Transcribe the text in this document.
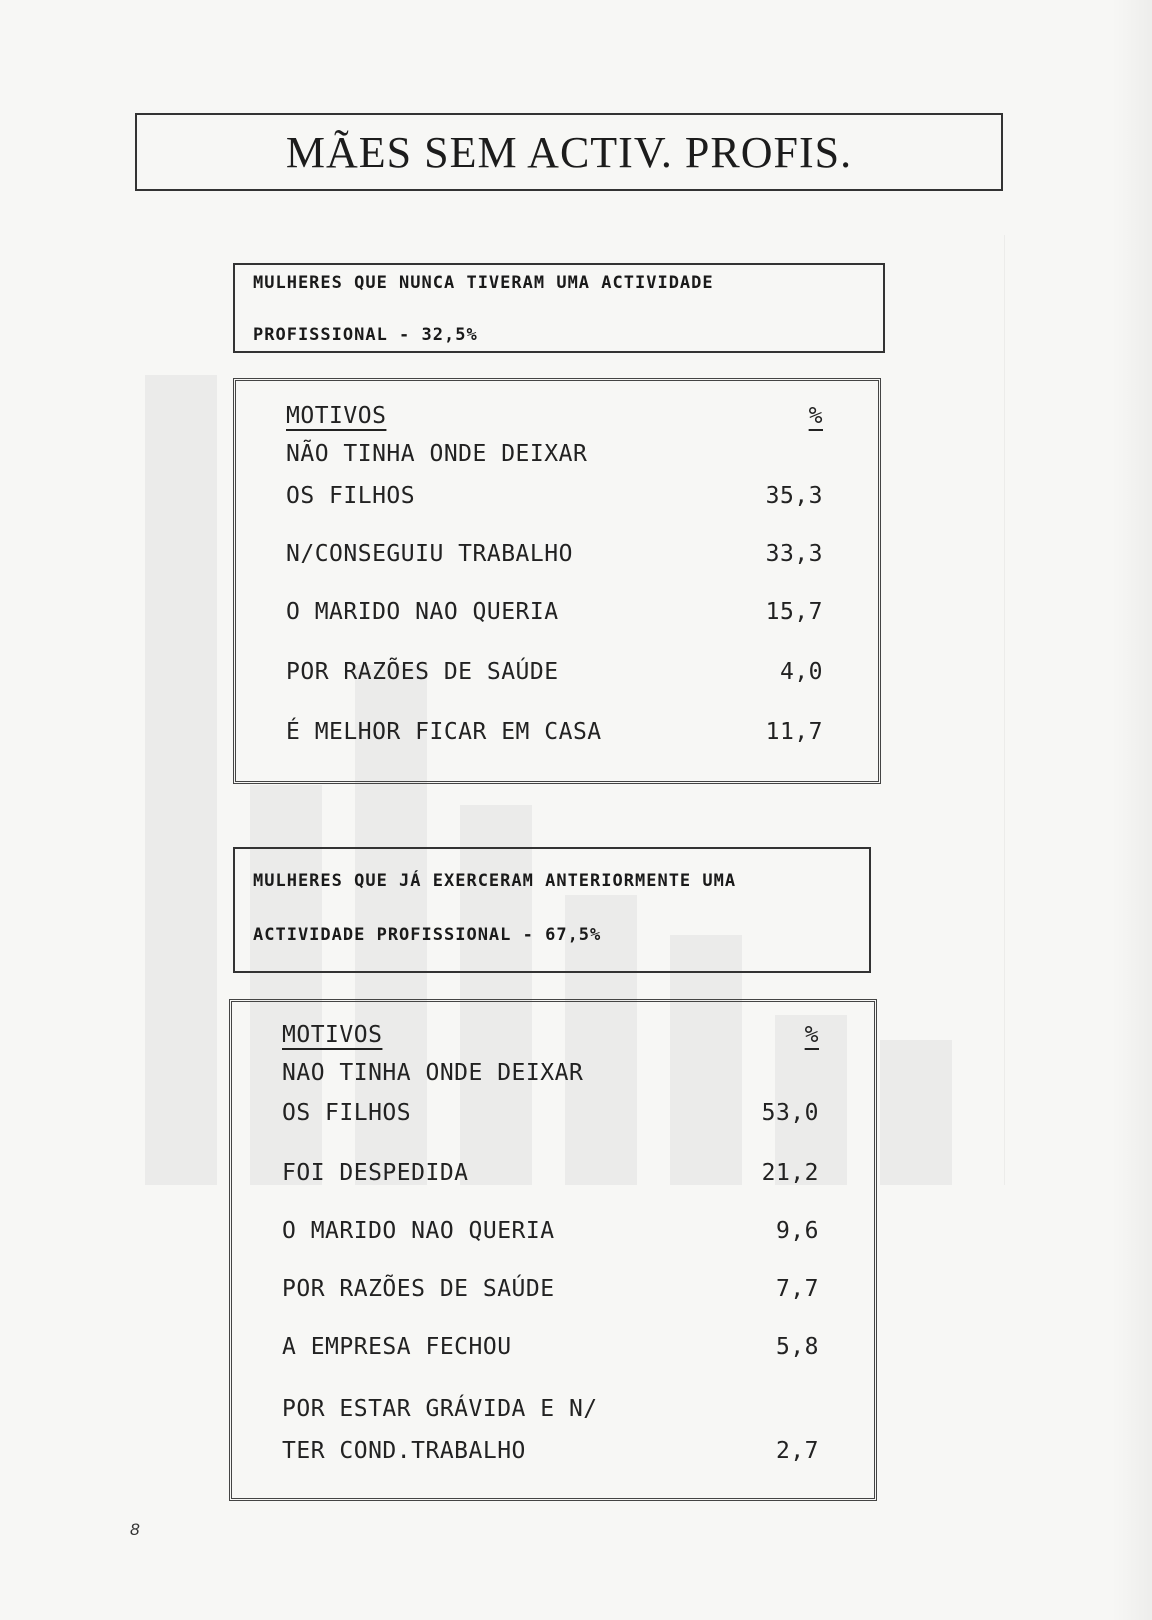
MÃES SEM ACTIV. PROFIS.
MULHERES QUE NUNCA TIVERAM UMA ACTIVIDADE
PROFISSIONAL - 32,5%
MOTIVOS	%
NÃO TINHA ONDE DEIXAR
OS FILHOS	35,3
N/CONSEGUIU TRABALHO	33,3
O MARIDO NAO QUERIA	15,7
POR RAZÕES DE SAÚDE	4,0
É MELHOR FICAR EM CASA	11,7
MULHERES QUE JÁ EXERCERAM ANTERIORMENTE UMA
ACTIVIDADE PROFISSIONAL - 67,5%
MOTIVOS	%
NAO TINHA ONDE DEIXAR
OS FILHOS	53,0
FOI DESPEDIDA	21,2
O MARIDO NAO QUERIA	9,6
POR RAZÕES DE SAÚDE	7,7
A EMPRESA FECHOU	5,8
POR ESTAR GRÁVIDA E N/
TER COND.TRABALHO	2,7
8
